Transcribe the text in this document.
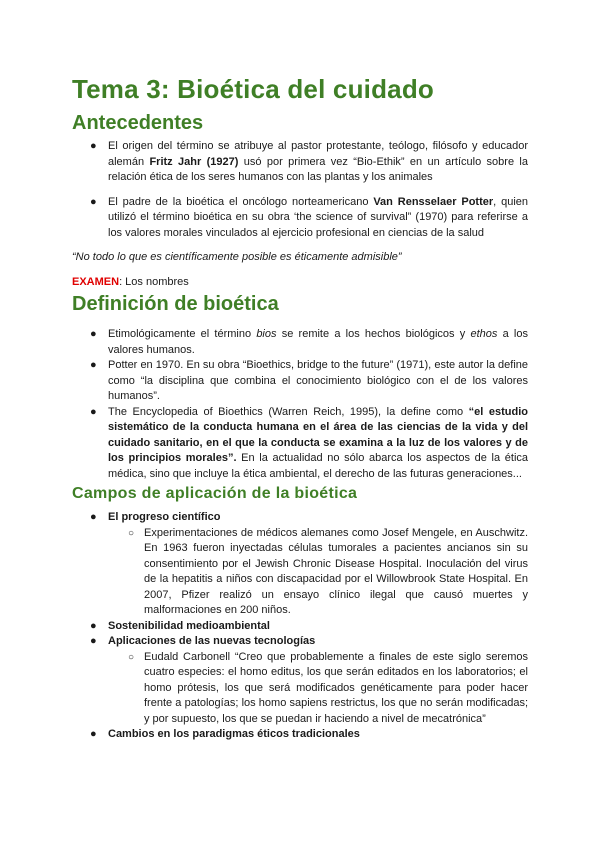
Tema 3: Bioética del cuidado
Antecedentes
● El origen del término se atribuye al pastor protestante, teólogo, filósofo y educador alemán Fritz Jahr (1927) usó por primera vez “Bio-Ethik” en un artículo sobre la relación ética de los seres humanos con las plantas y los animales
● El padre de la bioética el oncólogo norteamericano Van Rensselaer Potter, quien utilizó el término bioética en su obra ‘the science of survival” (1970) para referirse a los valores morales vinculados al ejercicio profesional en ciencias de la salud

“No todo lo que es científicamente posible es éticamente admisible”

EXAMEN: Los nombres

Definición de bioética
● Etimológicamente el término bios se remite a los hechos biológicos y ethos a los valores humanos.
● Potter en 1970. En su obra “Bioethics, bridge to the future” (1971), este autor la define como “la disciplina que combina el conocimiento biológico con el de los valores humanos”.
● The Encyclopedia of Bioethics (Warren Reich, 1995), la define como “el estudio sistemático de la conducta humana en el área de las ciencias de la vida y del cuidado sanitario, en el que la conducta se examina a la luz de los valores y de los principios morales”. En la actualidad no sólo abarca los aspectos de la ética médica, sino que incluye la ética ambiental, el derecho de las futuras generaciones...
Campos de aplicación de la bioética
● El progreso científico
○ Experimentaciones de médicos alemanes como Josef Mengele, en Auschwitz. En 1963 fueron inyectadas células tumorales a pacientes ancianos sin su consentimiento por el Jewish Chronic Disease Hospital. Inoculación del virus de la hepatitis a niños con discapacidad por el Willowbrook State Hospital. En 2007, Pfizer realizó un ensayo clínico ilegal que causó muertes y malformaciones en 200 niños.
● Sostenibilidad medioambiental
● Aplicaciones de las nuevas tecnologías
○ Eudald Carbonell “Creo que probablemente a finales de este siglo seremos cuatro especies: el homo editus, los que serán editados en los laboratorios; el homo prótesis, los que será modificados genéticamente para poder hacer frente a patologías; los homo sapiens restrictus, los que no serán modificadas; y por supuesto, los que se puedan ir haciendo a nivel de mecatrónica”
● Cambios en los paradigmas éticos tradicionales
